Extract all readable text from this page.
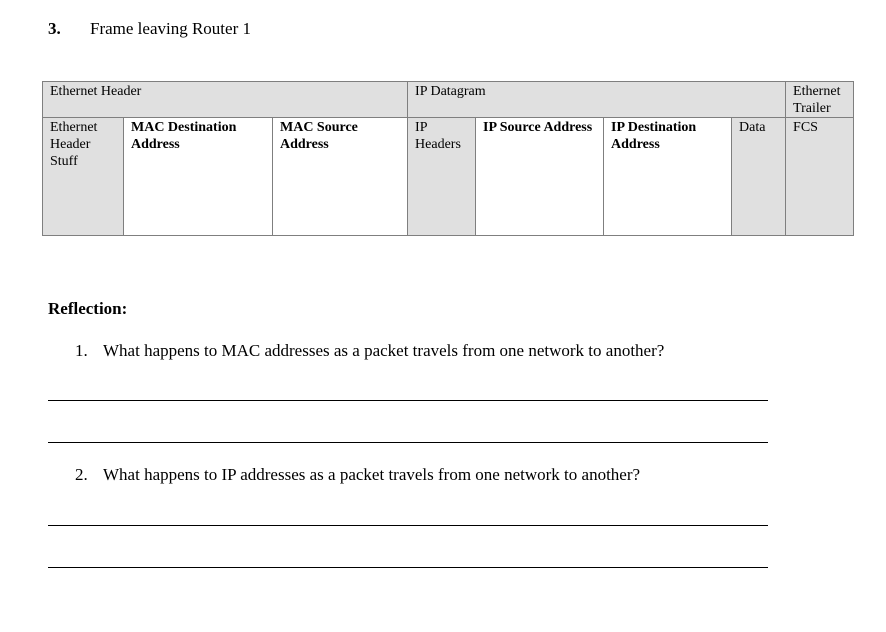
3. Frame leaving Router 1
Ethernet Header			IP Datagram				Ethernet Trailer
Ethernet Header Stuff	MAC Destination Address	MAC Source Address	IP Headers	IP Source Address	IP Destination Address	Data	FCS
Reflection:
1. What happens to MAC addresses as a packet travels from one network to another?
2. What happens to IP addresses as a packet travels from one network to another?
